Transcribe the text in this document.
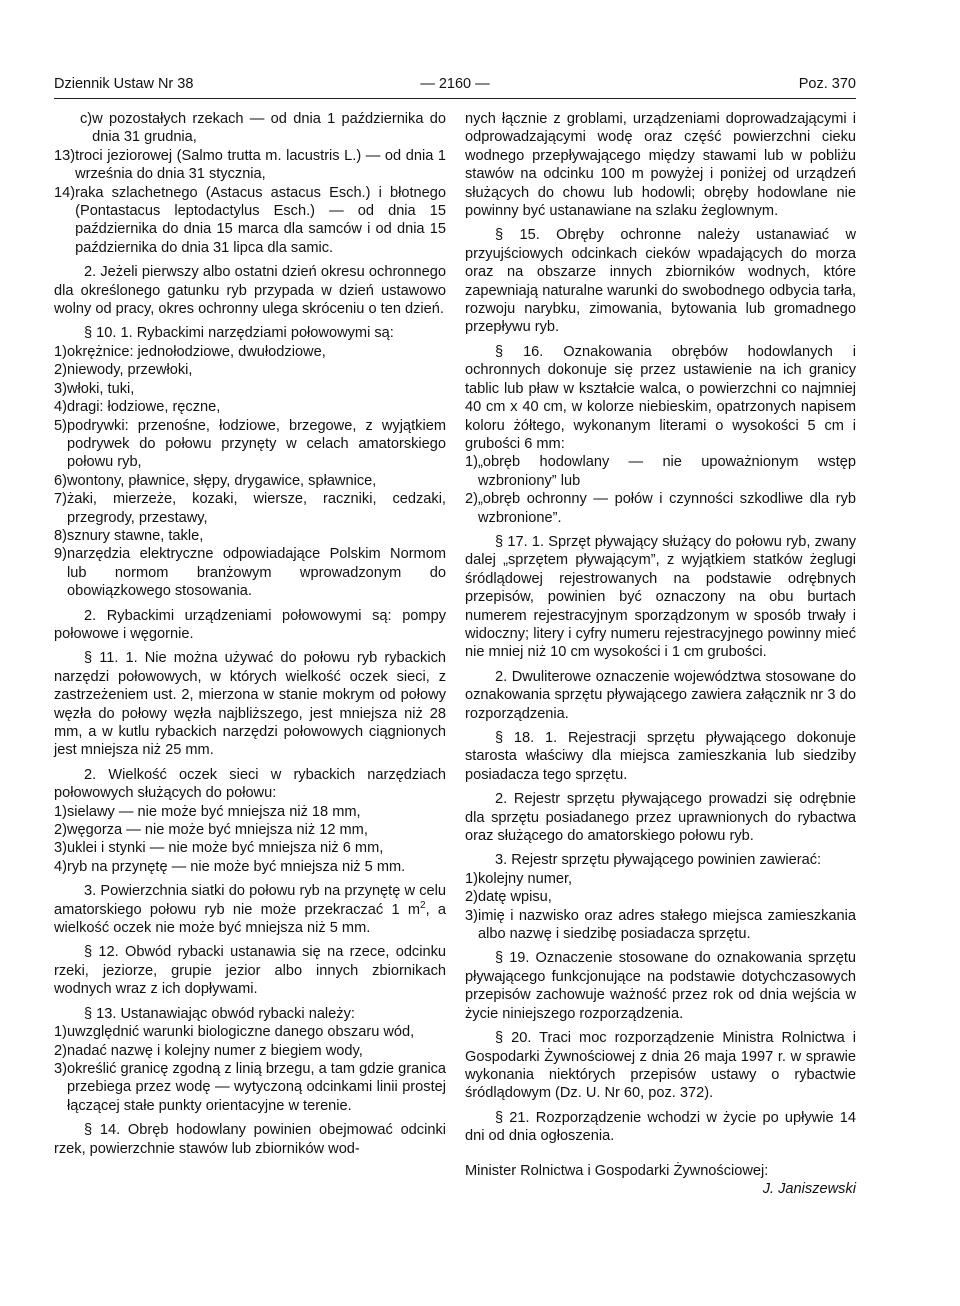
Dziennik Ustaw Nr 38	— 2160 —	Poz. 370
c) w pozostałych rzekach — od dnia 1 października do dnia 31 grudnia,
13) troci jeziorowej (Salmo trutta m. lacustris L.) — od dnia 1 września do dnia 31 stycznia,
14) raka szlachetnego (Astacus astacus Esch.) i błotnego (Pontastacus leptodactylus Esch.) — od dnia 15 października do dnia 15 marca dla samców i od dnia 15 października do dnia 31 lipca dla samic.

2. Jeżeli pierwszy albo ostatni dzień okresu ochronnego dla określonego gatunku ryb przypada w dzień ustawowo wolny od pracy, okres ochronny ulega skróceniu o ten dzień.

§ 10. 1. Rybackimi narzędziami połowowymi są:

1) okrężnice: jednołodziowe, dwułodziowe,
2) niewody, przewłoki,
3) włoki, tuki,
4) dragi: łodziowe, ręczne,
5) podrywki: przenośne, łodziowe, brzegowe, z wyjątkiem podrywek do połowu przynęty w celach amatorskiego połowu ryb,
6) wontony, pławnice, słępy, drygawice, spławnice,
7) żaki, mierzeże, kozaki, wiersze, raczniki, cedzaki, przegrody, przestawy,
8) sznury stawne, takle,
9) narzędzia elektryczne odpowiadające Polskim Normom lub normom branżowym wprowadzonym do obowiązkowego stosowania.

2. Rybackimi urządzeniami połowowymi są: pompy połowowe i węgornie.

§ 11. 1. Nie można używać do połowu ryb rybackich narzędzi połowowych, w których wielkość oczek sieci, z zastrzeżeniem ust. 2, mierzona w stanie mokrym od połowy węzła do połowy węzła najbliższego, jest mniejsza niż 28 mm, a w kutlu rybackich narzędzi połowowych ciągnionych jest mniejsza niż 25 mm.

2. Wielkość oczek sieci w rybackich narzędziach połowowych służących do połowu:

1) sielawy — nie może być mniejsza niż 18 mm,
2) węgorza — nie może być mniejsza niż 12 mm,
3) uklei i stynki — nie może być mniejsza niż 6 mm,
4) ryb na przynętę — nie może być mniejsza niż 5 mm.

3. Powierzchnia siatki do połowu ryb na przynętę w celu amatorskiego połowu ryb nie może przekraczać 1 $m^2$, a wielkość oczek nie może być mniejsza niż 5 mm.

§ 12. Obwód rybacki ustanawia się na rzece, odcinku rzeki, jeziorze, grupie jezior albo innych zbiornikach wodnych wraz z ich dopływami.

§ 13. Ustanawiając obwód rybacki należy:

1) uwzględnić warunki biologiczne danego obszaru wód,
2) nadać nazwę i kolejny numer z biegiem wody,
3) określić granicę zgodną z linią brzegu, a tam gdzie granica przebiega przez wodę — wytyczoną odcinkami linii prostej łączącej stałe punkty orientacyjne w terenie.

§ 14. Obręb hodowlany powinien obejmować odcinki rzek, powierzchnie stawów lub zbiorników wod-

nych łącznie z groblami, urządzeniami doprowadzającymi i odprowadzającymi wodę oraz część powierzchni cieku wodnego przepływającego między stawami lub w pobliżu stawów na odcinku 100 m powyżej i poniżej od urządzeń służących do chowu lub hodowli; obręby hodowlane nie powinny być ustanawiane na szlaku żeglownym.

§ 15. Obręby ochronne należy ustanawiać w przyujściowych odcinkach cieków wpadających do morza oraz na obszarze innych zbiorników wodnych, które zapewniają naturalne warunki do swobodnego odbycia tarła, rozwoju narybku, zimowania, bytowania lub gromadnego przepływu ryb.

§ 16. Oznakowania obrębów hodowlanych i ochronnych dokonuje się przez ustawienie na ich granicy tablic lub pław w kształcie walca, o powierzchni co najmniej 40 cm x 40 cm, w kolorze niebieskim, opatrzonych napisem koloru żółtego, wykonanym literami o wysokości 5 cm i grubości 6 mm:

1) „obręb hodowlany — nie upoważnionym wstęp wzbroniony” lub
2) „obręb ochronny — połów i czynności szkodliwe dla ryb wzbronione”.

§ 17. 1. Sprzęt pływający służący do połowu ryb, zwany dalej „sprzętem pływającym”, z wyjątkiem statków żeglugi śródlądowej rejestrowanych na podstawie odrębnych przepisów, powinien być oznaczony na obu burtach numerem rejestracyjnym sporządzonym w sposób trwały i widoczny; litery i cyfry numeru rejestracyjnego powinny mieć nie mniej niż 10 cm wysokości i 1 cm grubości.

2. Dwuliterowe oznaczenie województwa stosowane do oznakowania sprzętu pływającego zawiera załącznik nr 3 do rozporządzenia.

§ 18. 1. Rejestracji sprzętu pływającego dokonuje starosta właściwy dla miejsca zamieszkania lub siedziby posiadacza tego sprzętu.

2. Rejestr sprzętu pływającego prowadzi się odrębnie dla sprzętu posiadanego przez uprawnionych do rybactwa oraz służącego do amatorskiego połowu ryb.

3. Rejestr sprzętu pływającego powinien zawierać:

1) kolejny numer,
2) datę wpisu,
3) imię i nazwisko oraz adres stałego miejsca zamieszkania albo nazwę i siedzibę posiadacza sprzętu.

§ 19. Oznaczenie stosowane do oznakowania sprzętu pływającego funkcjonujące na podstawie dotychczasowych przepisów zachowuje ważność przez rok od dnia wejścia w życie niniejszego rozporządzenia.

§ 20. Traci moc rozporządzenie Ministra Rolnictwa i Gospodarki Żywnościowej z dnia 26 maja 1997 r. w sprawie wykonania niektórych przepisów ustawy o rybactwie śródlądowym (Dz. U. Nr 60, poz. 372).

§ 21. Rozporządzenie wchodzi w życie po upływie 14 dni od dnia ogłoszenia.

Minister Rolnictwa i Gospodarki Żywnościowej:

J. Janiszewski
